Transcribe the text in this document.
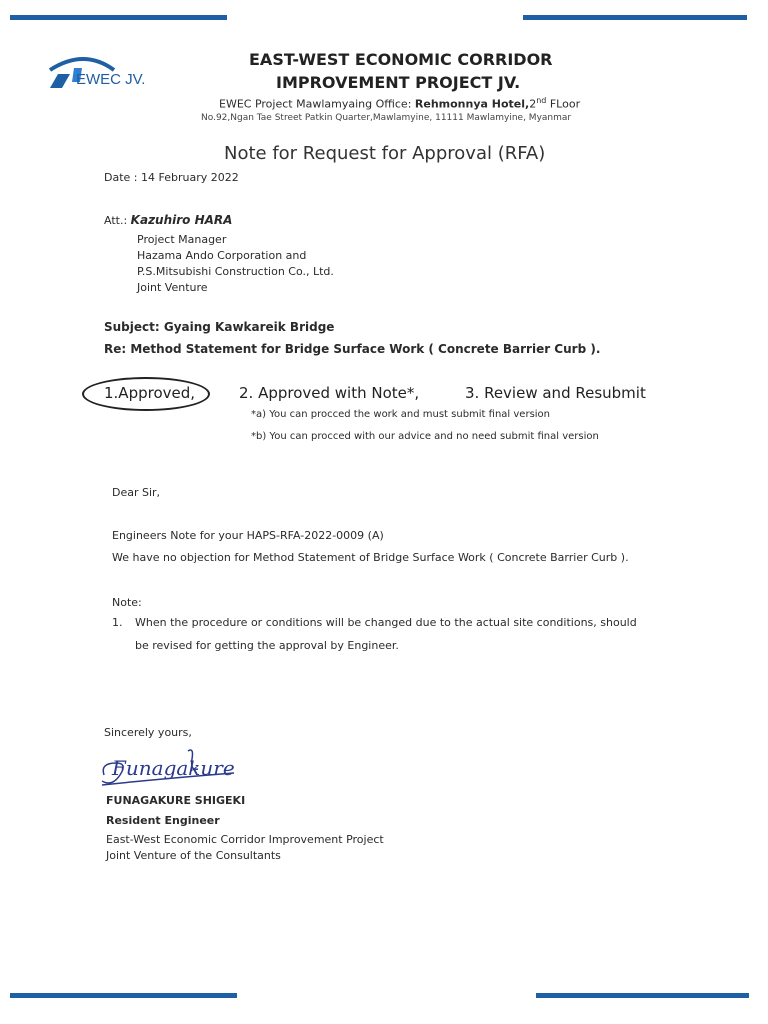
EWEC JV.
EAST-WEST ECONOMIC CORRIDOR
IMPROVEMENT PROJECT JV.
EWEC Project Mawlamyaing Office: Rehmonnya Hotel,2nd FLoor
No.92,Ngan Tae Street Patkin Quarter,Mawlamyine, 11111 Mawlamyine, Myanmar
Note for Request for Approval (RFA)
Date : 14 February 2022
Att.: Kazuhiro HARA
Project Manager
Hazama Ando Corporation and
P.S.Mitsubishi Construction Co., Ltd.
Joint Venture
Subject: Gyaing Kawkareik Bridge
Re: Method Statement for Bridge Surface Work ( Concrete Barrier Curb ).
1.Approved,	2. Approved with Note*,	3. Review and Resubmit
*a) You can procced the work and must submit final version
*b) You can procced with our advice and no need submit final version
Dear Sir,
Engineers Note for your HAPS-RFA-2022-0009 (A)
We have no objection for Method Statement of Bridge Surface Work ( Concrete Barrier Curb ).
Note:
1. When the procedure or conditions will be changed due to the actual site conditions, should
be revised for getting the approval by Engineer.
Sincerely yours,
Funagakure
FUNAGAKURE SHIGEKI
Resident Engineer
East-West Economic Corridor Improvement Project
Joint Venture of the Consultants
